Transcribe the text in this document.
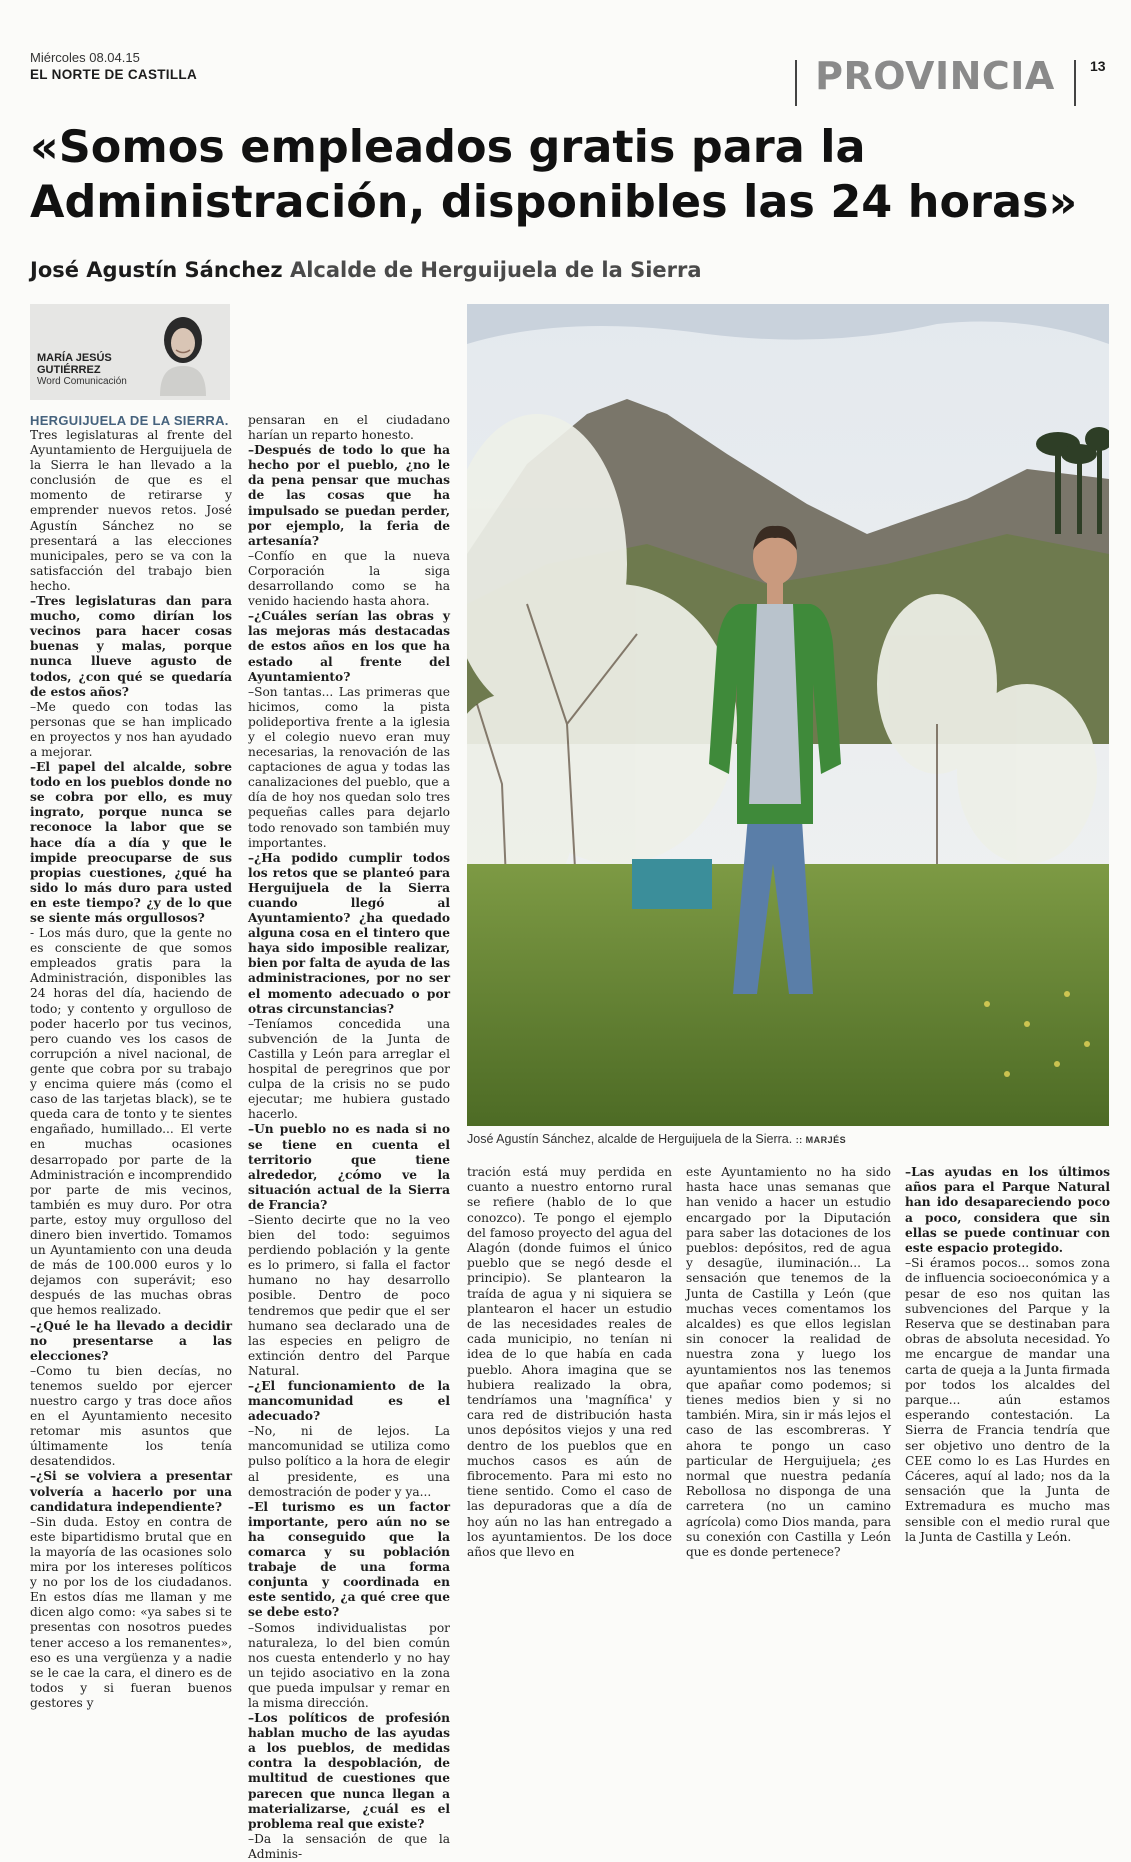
Miércoles 08.04.15
EL NORTE DE CASTILLA	PROVINCIA	13
«Somos empleados gratis para la
Administración, disponibles las 24 horas»
José Agustín Sánchez Alcalde de Herguijuela de la Sierra
MARÍA JESÚS
GUTIÉRREZ
Word Comunicación

HERGUIJUELA DE LA SIERRA.

Tres legislaturas al frente del Ayuntamiento de Herguijuela de la Sierra le han llevado a la conclusión de que es el momento de retirarse y emprender nuevos retos. José Agustín Sánchez no se presentará a las elecciones municipales, pero se va con la satisfacción del trabajo bien hecho.

–Tres legislaturas dan para mucho, como dirían los vecinos para hacer cosas buenas y malas, porque nunca llueve agusto de todos, ¿con qué se quedaría de estos años?

–Me quedo con todas las personas que se han implicado en proyectos y nos han ayudado a mejorar.

–El papel del alcalde, sobre todo en los pueblos donde no se cobra por ello, es muy ingrato, porque nunca se reconoce la labor que se hace día a día y que le impide preocuparse de sus propias cuestiones, ¿qué ha sido lo más duro para usted en este tiempo? ¿y de lo que se siente más orgullosos?

- Los más duro, que la gente no es consciente de que somos empleados gratis para la Administración, disponibles las 24 horas del día, haciendo de todo; y contento y orgulloso de poder hacerlo por tus vecinos, pero cuando ves los casos de corrupción a nivel nacional, de gente que cobra por su trabajo y encima quiere más (como el caso de las tarjetas black), se te queda cara de tonto y te sientes engañado, humillado... El verte en muchas ocasiones desarropado por parte de la Administración e incomprendido por parte de mis vecinos, también es muy duro. Por otra parte, estoy muy orgulloso del dinero bien invertido. Tomamos un Ayuntamiento con una deuda de más de 100.000 euros y lo dejamos con superávit; eso después de las muchas obras que hemos realizado.

–¿Qué le ha llevado a decidir no presentarse a las elecciones?

–Como tu bien decías, no tenemos sueldo por ejercer nuestro cargo y tras doce años en el Ayuntamiento necesito retomar mis asuntos que últimamente los tenía desatendidos.

–¿Si se volviera a presentar volvería a hacerlo por una candidatura independiente?

–Sin duda. Estoy en contra de este bipartidismo brutal que en la mayoría de las ocasiones solo mira por los intereses políticos y no por los de los ciudadanos. En estos días me llaman y me dicen algo como: «ya sabes si te presentas con nosotros puedes tener acceso a los remanentes», eso es una vergüenza y a nadie se le cae la cara, el dinero es de todos y si fueran buenos gestores y

pensaran en el ciudadano harían un reparto honesto.

–Después de todo lo que ha hecho por el pueblo, ¿no le da pena pensar que muchas de las cosas que ha impulsado se puedan perder, por ejemplo, la feria de artesanía?

–Confío en que la nueva Corporación la siga desarrollando como se ha venido haciendo hasta ahora.

–¿Cuáles serían las obras y las mejoras más destacadas de estos años en los que ha estado al frente del Ayuntamiento?

–Son tantas... Las primeras que hicimos, como la pista polideportiva frente a la iglesia y el colegio nuevo eran muy necesarias, la renovación de las captaciones de agua y todas las canalizaciones del pueblo, que a día de hoy nos quedan solo tres pequeñas calles para dejarlo todo renovado son también muy importantes.

–¿Ha podido cumplir todos los retos que se planteó para Herguijuela de la Sierra cuando llegó al Ayuntamiento? ¿ha quedado alguna cosa en el tintero que haya sido imposible realizar, bien por falta de ayuda de las administraciones, por no ser el momento adecuado o por otras circunstancias?

–Teníamos concedida una subvención de la Junta de Castilla y León para arreglar el hospital de peregrinos que por culpa de la crisis no se pudo ejecutar; me hubiera gustado hacerlo.

–Un pueblo no es nada si no se tiene en cuenta el territorio que tiene alrededor, ¿cómo ve la situación actual de la Sierra de Francia?

–Siento decirte que no la veo bien del todo: seguimos perdiendo población y la gente es lo primero, si falla el factor humano no hay desarrollo posible. Dentro de poco tendremos que pedir que el ser humano sea declarado una de las especies en peligro de extinción dentro del Parque Natural.

–¿El funcionamiento de la mancomunidad es el adecuado?

–No, ni de lejos. La mancomunidad se utiliza como pulso político a la hora de elegir al presidente, es una demostración de poder y ya...

–El turismo es un factor importante, pero aún no se ha conseguido que la comarca y su población trabaje de una forma conjunta y coordinada en este sentido, ¿a qué cree que se debe esto?

–Somos individualistas por naturaleza, lo del bien común nos cuesta entenderlo y no hay un tejido asociativo en la zona que pueda impulsar y remar en la misma dirección.

–Los políticos de profesión hablan mucho de las ayudas a los pueblos, de medidas contra la despoblación, de multitud de cuestiones que parecen que nunca llegan a materializarse, ¿cuál es el problema real que existe?

–Da la sensación de que la Adminis-

tración está muy perdida en cuanto a nuestro entorno rural se refiere (hablo de lo que conozco). Te pongo el ejemplo del famoso proyecto del agua del Alagón (donde fuimos el único pueblo que se negó desde el principio). Se plantearon la traída de agua y ni siquiera se plantearon el hacer un estudio de las necesidades reales de cada municipio, no tenían ni idea de lo que había en cada pueblo. Ahora imagina que se hubiera realizado la obra, tendríamos una 'magnífica' y cara red de distribución hasta unos depósitos viejos y una red dentro de los pueblos que en muchos casos es aún de fibrocemento. Para mi esto no tiene sentido. Como el caso de las depuradoras que a día de hoy aún no las han entregado a los ayuntamientos. De los doce años que llevo en

este Ayuntamiento no ha sido hasta hace unas semanas que han venido a hacer un estudio encargado por la Diputación para saber las dotaciones de los pueblos: depósitos, red de agua y desagüe, iluminación... La sensación que tenemos de la Junta de Castilla y León (que muchas veces comentamos los alcaldes) es que ellos legislan sin conocer la realidad de nuestra zona y luego los ayuntamientos nos las tenemos que apañar como podemos; si tienes medios bien y si no también. Mira, sin ir más lejos el caso de las escombreras. Y ahora te pongo un caso particular de Herguijuela; ¿es normal que nuestra pedanía Rebollosa no disponga de una carretera (no un camino agrícola) como Dios manda, para su conexión con Castilla y León que es donde pertenece?

–Las ayudas en los últimos años para el Parque Natural han ido desapareciendo poco a poco, considera que sin ellas se puede continuar con este espacio protegido.

–Si éramos pocos... somos zona de influencia socioeconómica y a pesar de eso nos quitan las subvenciones del Parque y la Reserva que se destinaban para obras de absoluta necesidad. Yo me encargue de mandar una carta de queja a la Junta firmada por todos los alcaldes del parque... aún estamos esperando contestación. La Sierra de Francia tendría que ser objetivo uno dentro de la CEE como lo es Las Hurdes en Cáceres, aquí al lado; nos da la sensación que la Junta de Extremadura es mucho mas sensible con el medio rural que la Junta de Castilla y León.

José Agustín Sánchez, alcalde de Herguijuela de la Sierra. :: MARJÉS
